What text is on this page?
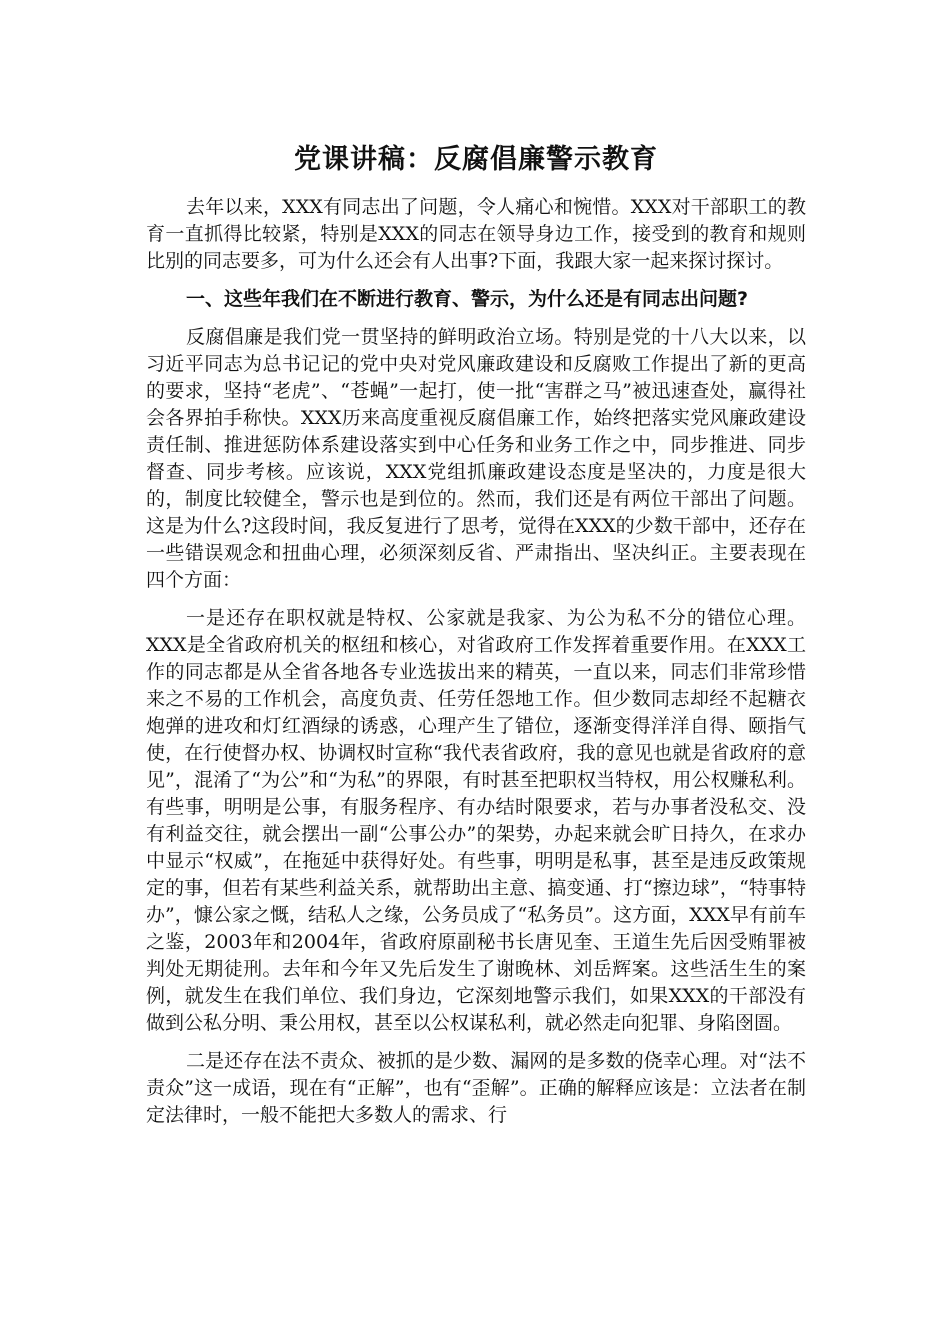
党课讲稿：反腐倡廉警示教育

去年以来，XXX有同志出了问题，令人痛心和惋惜。XXX对干部职工的教育一直抓得比较紧，特别是XXX的同志在领导身边工作，接受到的教育和规则比别的同志要多，可为什么还会有人出事?下面，我跟大家一起来探讨探讨。

一、这些年我们在不断进行教育、警示，为什么还是有同志出问题?

反腐倡廉是我们党一贯坚持的鲜明政治立场。特别是党的十八大以来，以习近平同志为总书记记的党中央对党风廉政建设和反腐败工作提出了新的更高的要求，坚持“老虎”、“苍蝇”一起打，使一批“害群之马”被迅速查处，赢得社会各界拍手称快。XXX历来高度重视反腐倡廉工作，始终把落实党风廉政建设责任制、推进惩防体系建设落实到中心任务和业务工作之中，同步推进、同步督查、同步考核。应该说，XXX党组抓廉政建设态度是坚决的，力度是很大的，制度比较健全，警示也是到位的。然而，我们还是有两位干部出了问题。这是为什么?这段时间，我反复进行了思考，觉得在XXX的少数干部中，还存在一些错误观念和扭曲心理，必须深刻反省、严肃指出、坚决纠正。主要表现在四个方面：

一是还存在职权就是特权、公家就是我家、为公为私不分的错位心理。XXX是全省政府机关的枢纽和核心，对省政府工作发挥着重要作用。在XXX工作的同志都是从全省各地各专业选拔出来的精英，一直以来，同志们非常珍惜来之不易的工作机会，高度负责、任劳任怨地工作。但少数同志却经不起糖衣炮弹的进攻和灯红酒绿的诱惑，心理产生了错位，逐渐变得洋洋自得、颐指气使，在行使督办权、协调权时宣称“我代表省政府，我的意见也就是省政府的意见”，混淆了“为公”和“为私”的界限，有时甚至把职权当特权，用公权赚私利。有些事，明明是公事，有服务程序、有办结时限要求，若与办事者没私交、没有利益交往，就会摆出一副“公事公办”的架势，办起来就会旷日持久，在求办中显示“权威”，在拖延中获得好处。有些事，明明是私事，甚至是违反政策规定的事，但若有某些利益关系，就帮助出主意、搞变通、打“擦边球”，“特事特办”，慷公家之慨，结私人之缘，公务员成了“私务员”。这方面，XXX早有前车之鉴，2003年和2004年，省政府原副秘书长唐见奎、王道生先后因受贿罪被判处无期徒刑。去年和今年又先后发生了谢晚林、刘岳辉案。这些活生生的案例，就发生在我们单位、我们身边，它深刻地警示我们，如果XXX的干部没有做到公私分明、秉公用权，甚至以公权谋私利，就必然走向犯罪、身陷囹圄。

二是还存在法不责众、被抓的是少数、漏网的是多数的侥幸心理。对“法不责众”这一成语，现在有“正解”，也有“歪解”。正确的解释应该是：立法者在制定法律时，一般不能把大多数人的需求、行
